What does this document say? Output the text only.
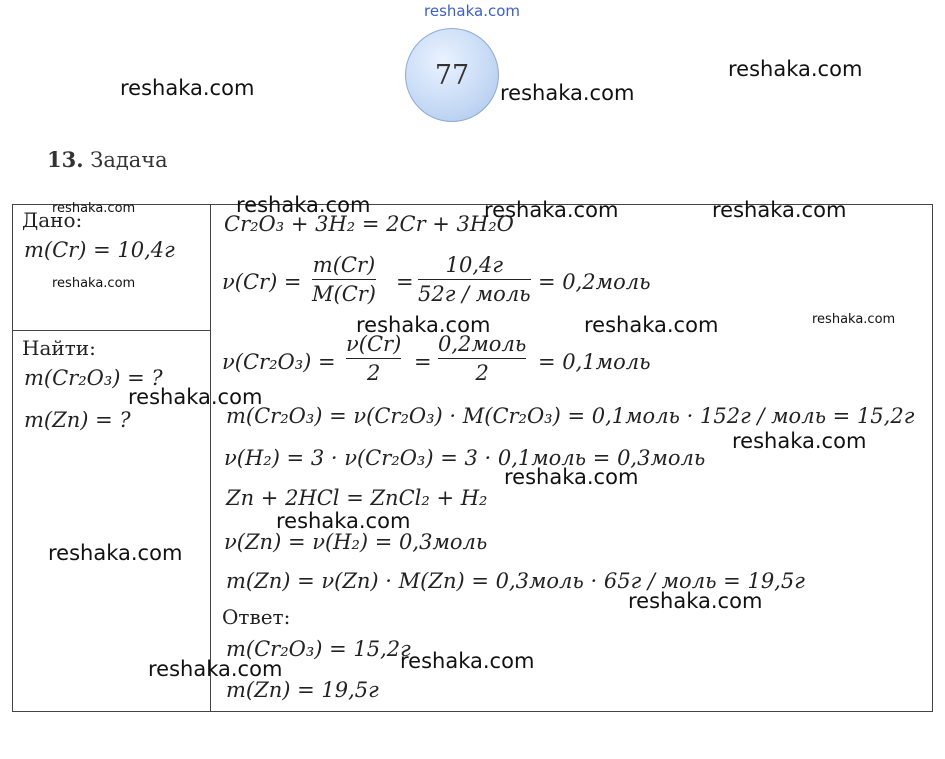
reshaka.com
77
13. Задача
Дано:
m(Cr) = 10,4г
Найти:
m(Cr₂O₃) = ?
m(Zn) = ?
Cr₂O₃ + 3H₂ = 2Cr + 3H₂O
ν(Cr) =
m(Cr)
M(Cr) =
10,4г
52г / моль = 0,2моль
ν(Cr₂O₃) =
ν(Cr)
2 =
0,2моль
2 = 0,1моль
m(Cr₂O₃) = ν(Cr₂O₃) · M(Cr₂O₃) = 0,1моль · 152г / моль = 15,2г
ν(H₂) = 3 · ν(Cr₂O₃) = 3 · 0,1моль = 0,3моль
Zn + 2HCl = ZnCl₂ + H₂
ν(Zn) = ν(H₂) = 0,3моль
m(Zn) = ν(Zn) · M(Zn) = 0,3моль · 65г / моль = 19,5г
Ответ:
m(Cr₂O₃) = 15,2г
m(Zn) = 19,5г
reshaka.com	reshaka.com
reshaka.com
reshaka.com	reshaka.com	reshaka.com	reshaka.com
reshaka.com
reshaka.com	reshaka.com	reshaka.com
reshaka.com
reshaka.com
reshaka.com
reshaka.com
reshaka.com
reshaka.com
reshaka.com
reshaka.com
